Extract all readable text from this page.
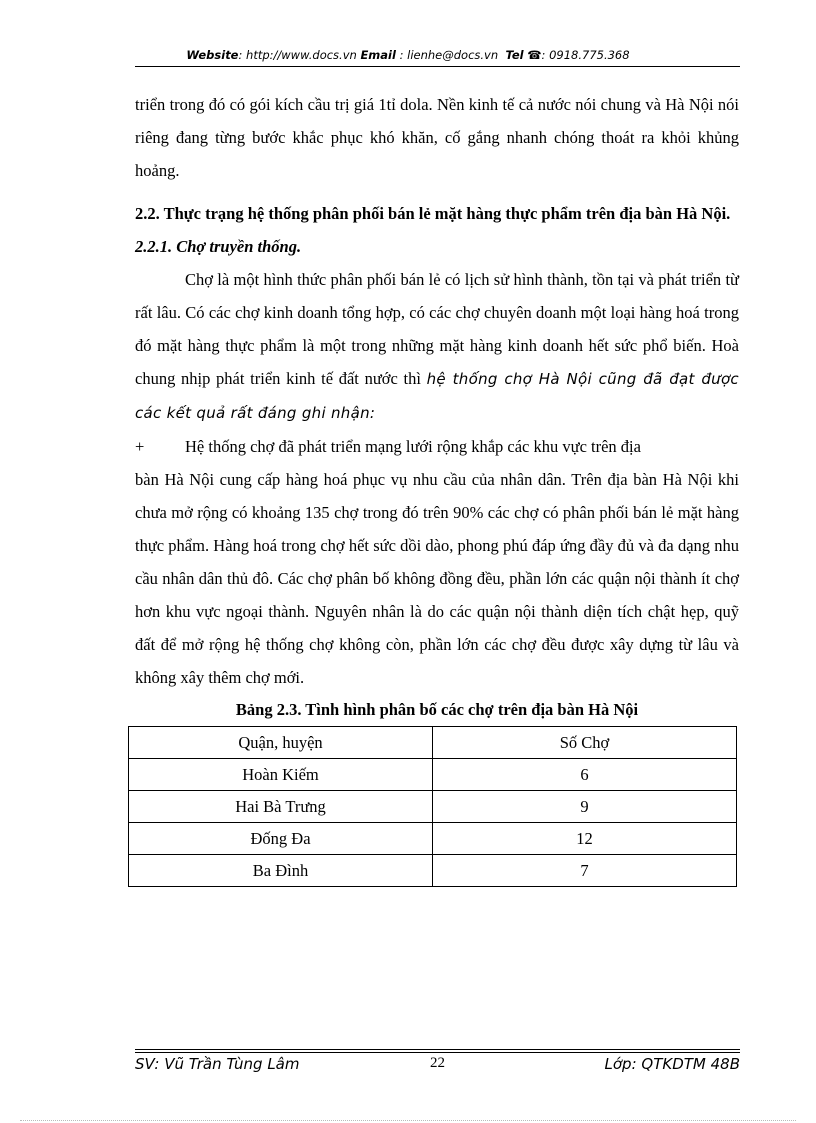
Website: http://www.docs.vn Email : lienhe@docs.vn Tel ☎: 0918.775.368

triển trong đó có gói kích cầu trị giá 1tỉ dola. Nền kinh tế cả nước nói chung và Hà Nội nói riêng đang từng bước khắc phục khó khăn, cố gắng nhanh chóng thoát ra khỏi khủng hoảng.

2.2. Thực trạng hệ thống phân phối bán lẻ mặt hàng thực phẩm trên địa bàn Hà Nội.

2.2.1. Chợ truyền thống.

Chợ là một hình thức phân phối bán lẻ có lịch sử hình thành, tồn tại và phát triển từ rất lâu. Có các chợ kinh doanh tổng hợp, có các chợ chuyên doanh một loại hàng hoá trong đó mặt hàng thực phẩm là một trong những mặt hàng kinh doanh hết sức phổ biến. Hoà chung nhịp phát triển kinh tế đất nước thì hệ thống chợ Hà Nội cũng đã đạt được các kết quả rất đáng ghi nhận:

+	Hệ thống chợ đã phát triển mạng lưới rộng khắp các khu vực trên địa

bàn Hà Nội cung cấp hàng hoá phục vụ nhu cầu của nhân dân. Trên địa bàn Hà Nội khi chưa mở rộng có khoảng 135 chợ trong đó trên 90% các chợ có phân phối bán lẻ mặt hàng thực phẩm. Hàng hoá trong chợ hết sức dồi dào, phong phú đáp ứng đầy đủ và đa dạng nhu cầu nhân dân thủ đô. Các chợ phân bố không đồng đều, phần lớn các quận nội thành ít chợ hơn khu vực ngoại thành. Nguyên nhân là do các quận nội thành diện tích chật hẹp, quỹ đất để mở rộng hệ thống chợ không còn, phần lớn các chợ đều được xây dựng từ lâu và không xây thêm chợ mới.

Bảng 2.3. Tình hình phân bố các chợ trên địa bàn Hà Nội

Quận, huyện	Số Chợ
Hoàn Kiếm	6
Hai Bà Trưng	9
Đống Đa	12
Ba Đình	7
SV: Vũ Trần Tùng Lâm	22	Lớp: QTKDTM 48B
